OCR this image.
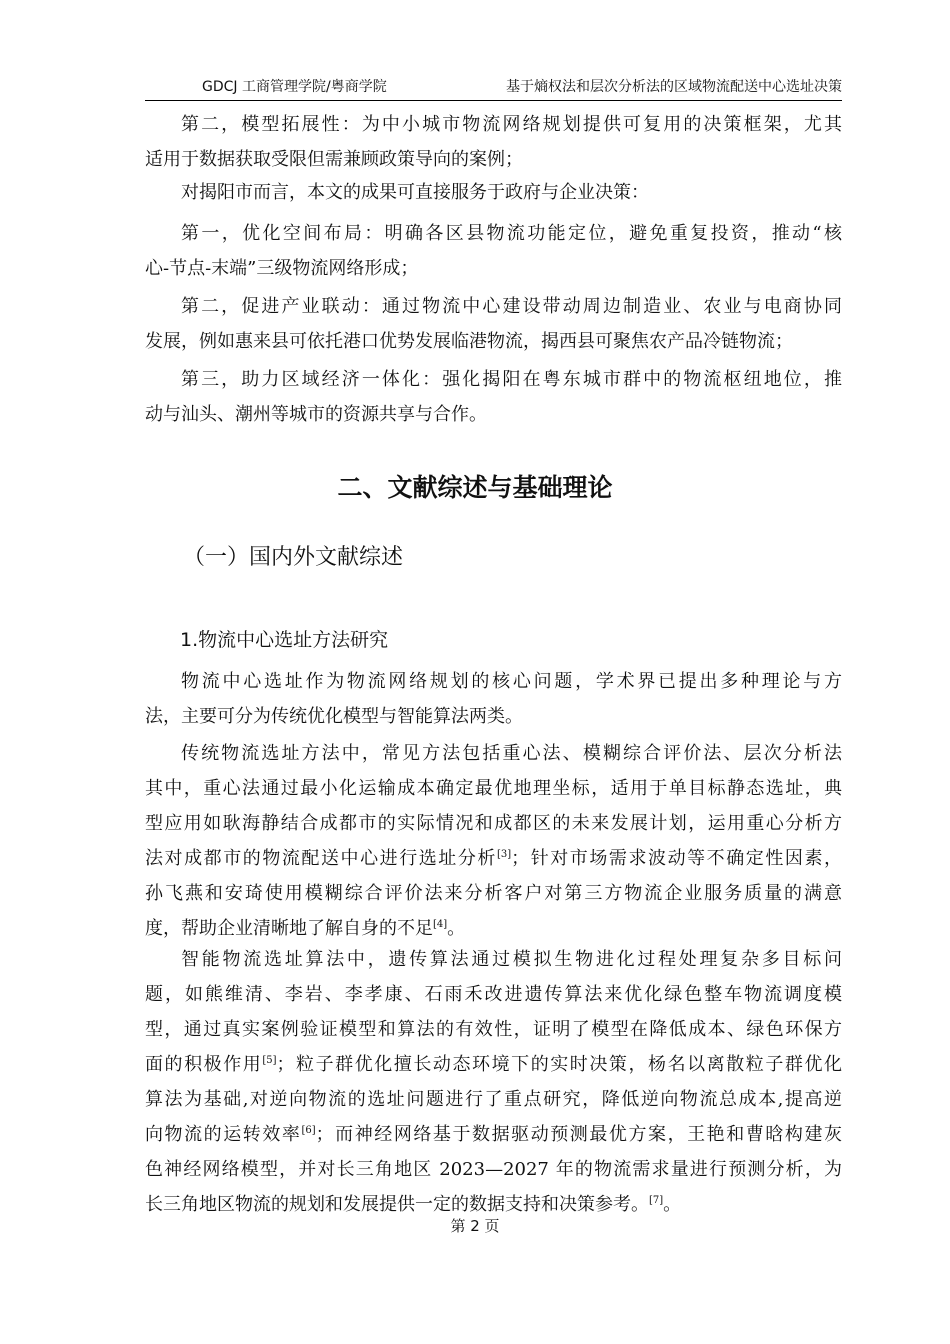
GDCJ 工商管理学院/粤商学院	基于熵权法和层次分析法的区域物流配送中心选址决策
第二，模型拓展性：为中小城市物流网络规划提供可复用的决策框架，尤其
适用于数据获取受限但需兼顾政策导向的案例；
对揭阳市而言，本文的成果可直接服务于政府与企业决策：
第一，优化空间布局：明确各区县物流功能定位，避免重复投资，推动“核
心-节点-末端”三级物流网络形成；
第二，促进产业联动：通过物流中心建设带动周边制造业、农业与电商协同
发展，例如惠来县可依托港口优势发展临港物流，揭西县可聚焦农产品冷链物流；
第三，助力区域经济一体化：强化揭阳在粤东城市群中的物流枢纽地位，推
动与汕头、潮州等城市的资源共享与合作。
二、文献综述与基础理论
（一）国内外文献综述
1.物流中心选址方法研究
物流中心选址作为物流网络规划的核心问题，学术界已提出多种理论与方
法，主要可分为传统优化模型与智能算法两类。
传统物流选址方法中，常见方法包括重心法、模糊综合评价法、层次分析法
其中，重心法通过最小化运输成本确定最优地理坐标，适用于单目标静态选址，典
型应用如耿海静结合成都市的实际情况和成都区的未来发展计划，运用重心分析方
法对成都市的物流配送中心进行选址分析[3]；针对市场需求波动等不确定性因素，
孙飞燕和安琦使用模糊综合评价法来分析客户对第三方物流企业服务质量的满意
度，帮助企业清晰地了解自身的不足[4]。
智能物流选址算法中，遗传算法通过模拟生物进化过程处理复杂多目标问
题，如熊维清、李岩、李孝康、石雨禾改进遗传算法来优化绿色整车物流调度模
型，通过真实案例验证模型和算法的有效性，证明了模型在降低成本、绿色环保方
面的积极作用[5]；粒子群优化擅长动态环境下的实时决策，杨名以离散粒子群优化
算法为基础,对逆向物流的选址问题进行了重点研究，降低逆向物流总成本,提高逆
向物流的运转效率[6]；而神经网络基于数据驱动预测最优方案，王艳和曹晗构建灰
色神经网络模型，并对长三角地区 2023—2027 年的物流需求量进行预测分析，为
长三角地区物流的规划和发展提供一定的数据支持和决策参考。[7]。
第 2 页
